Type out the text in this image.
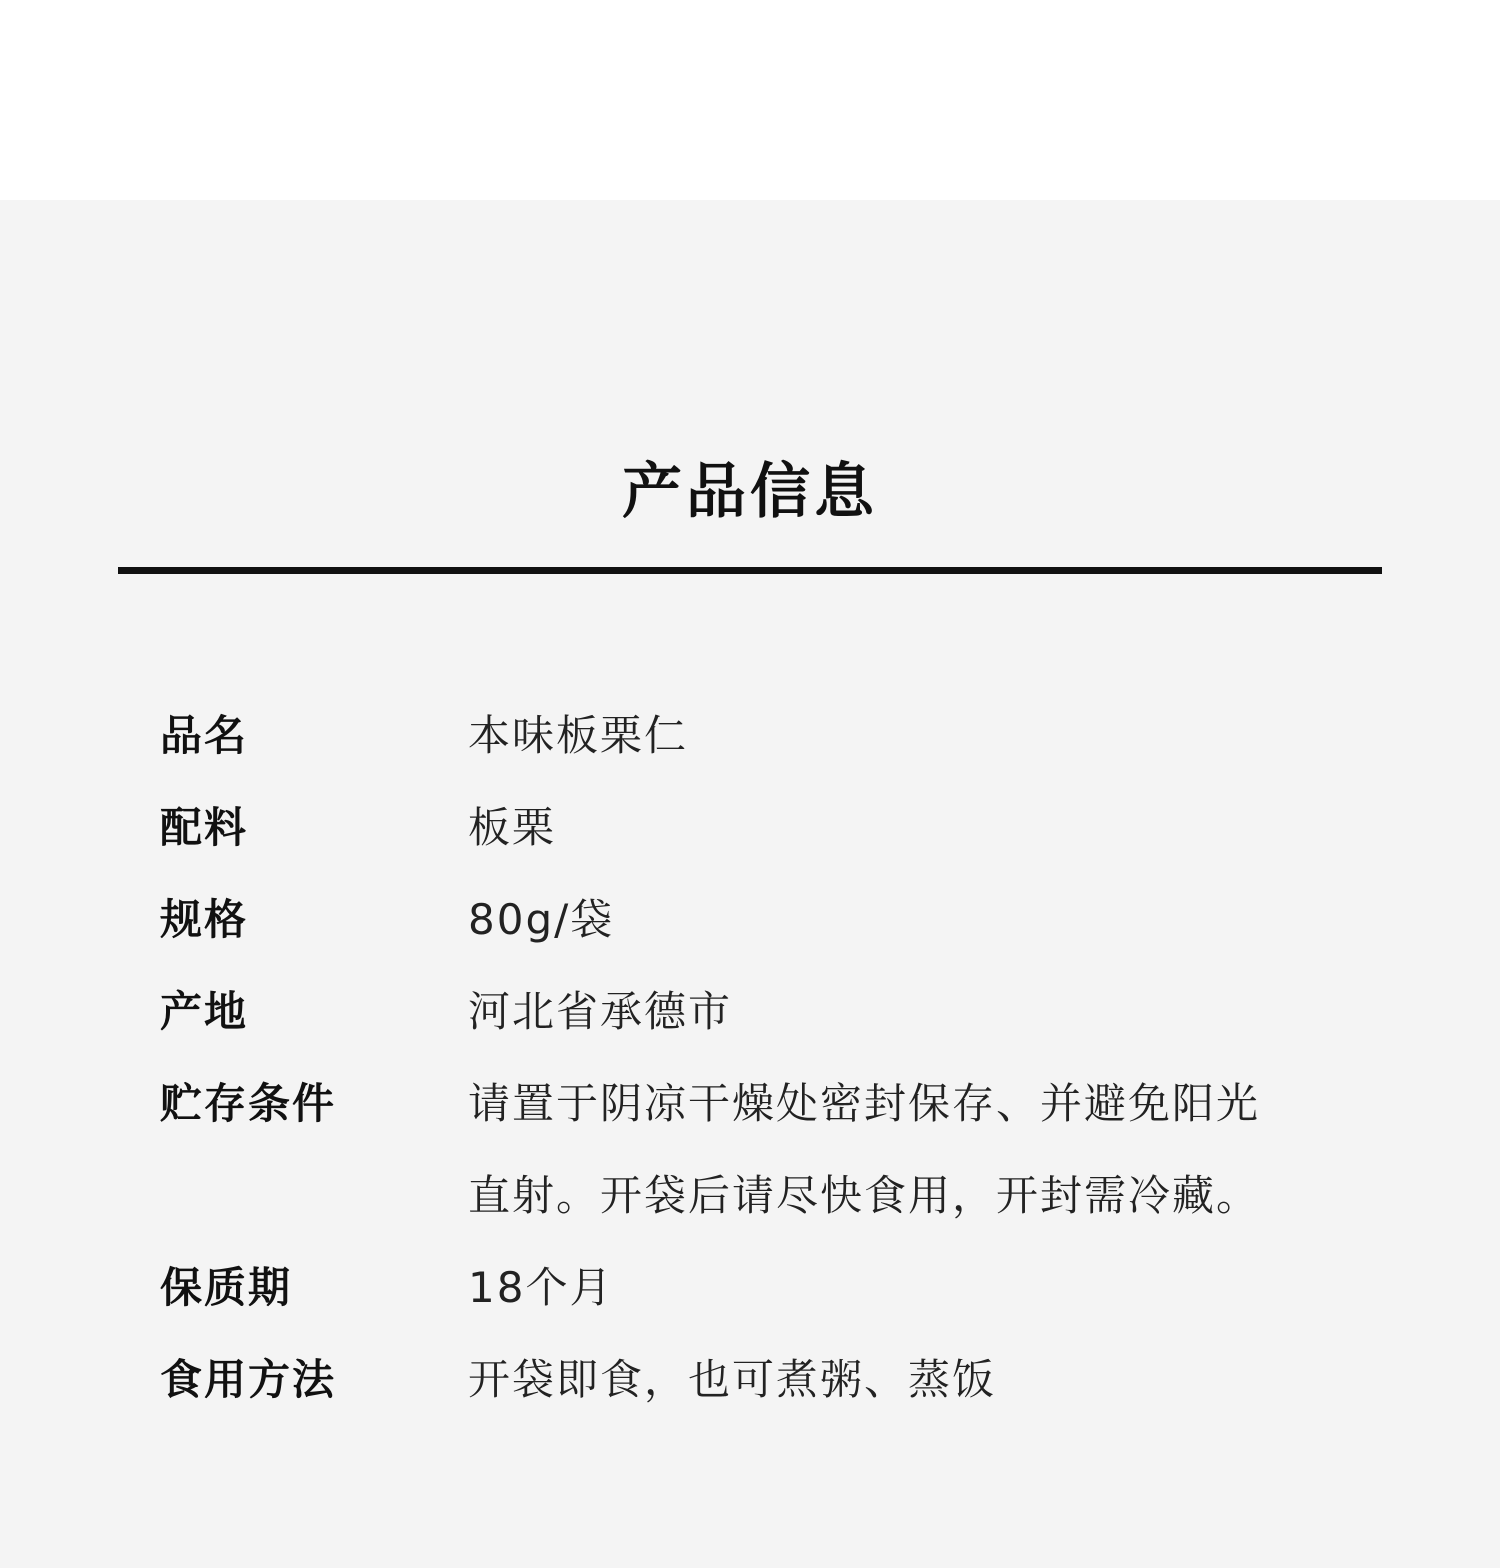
产品信息
品名	本味板栗仁
配料	板栗
规格	80g/袋
产地	河北省承德市
贮存条件	请置于阴凉干燥处密封保存、并避免阳光
直射。开袋后请尽快食用，开封需冷藏。
保质期	18个月
食用方法	开袋即食，也可煮粥、蒸饭
